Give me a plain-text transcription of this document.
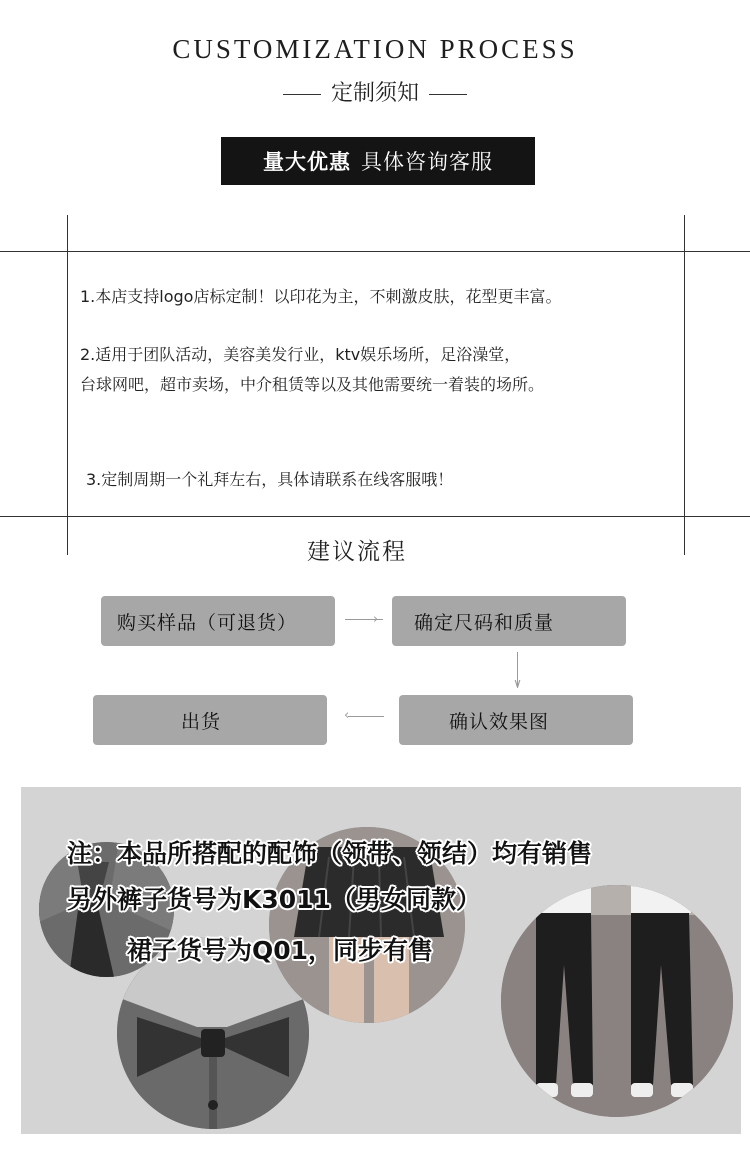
CUSTOMIZATION PROCESS
定制须知
量大优惠 具体咨询客服
1.本店支持logo店标定制！以印花为主，不刺激皮肤，花型更丰富。
2.适用于团队活动，美容美发行业，ktv娱乐场所，足浴澡堂，
台球网吧，超市卖场，中介租赁等以及其他需要统一着装的场所。
3.定制周期一个礼拜左右，具体请联系在线客服哦！
建议流程
购买样品（可退货）	› 确定尺码和质量
∨
确认效果图
‹
出货
注：本品所搭配的配饰（领带、领结）均有销售
另外裤子货号为K3011（男女同款）
裙子货号为Q01，同步有售
